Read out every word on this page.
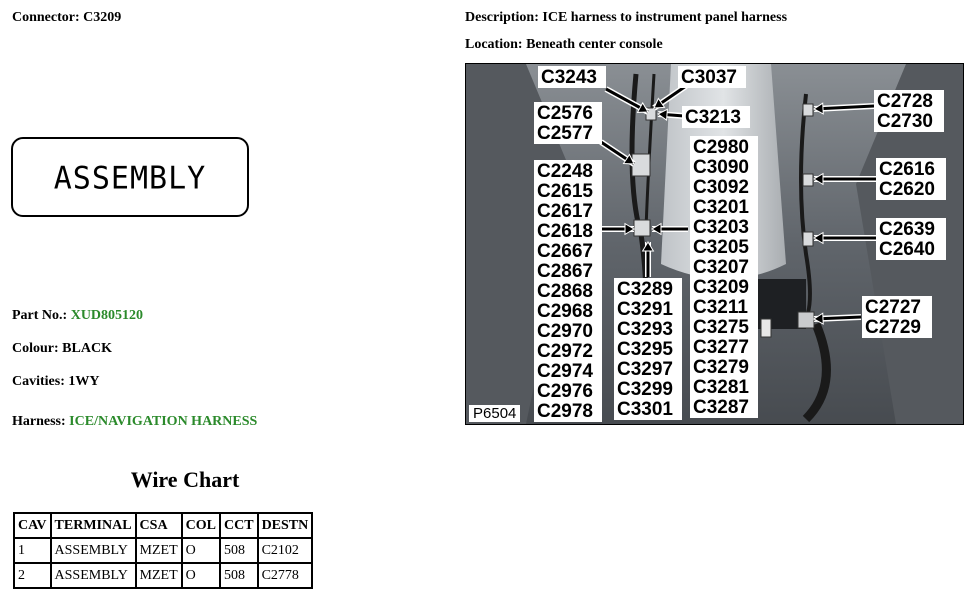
Connector: C3209
ASSEMBLY
Part No.: XUD805120
Colour: BLACK
Cavities: 1WY
Harness: ICE/NAVIGATION HARNESS
Wire Chart
CAV	TERMINAL	CSA	COL	CCT	DESTN
1	ASSEMBLY	MZET	O	508	C2102
2	ASSEMBLY	MZET	O	508	C2778
Description: ICE harness to instrument panel harness
Location: Beneath center console
C3243	C3037
C3213
C2576
C2577
C2248
C2615
C2617
C2618
C2667
C2867
C2868
C2968
C2970
C2972
C2974
C2976
C2978
C3289
C3291
C3293
C3295
C3297
C3299
C3301
C2980
C3090
C3092
C3201
C3203
C3205
C3207
C3209
C3211
C3275
C3277
C3279
C3281
C3287
C2728
C2730
C2616
C2620
C2639
C2640
C2727
C2729
P6504
